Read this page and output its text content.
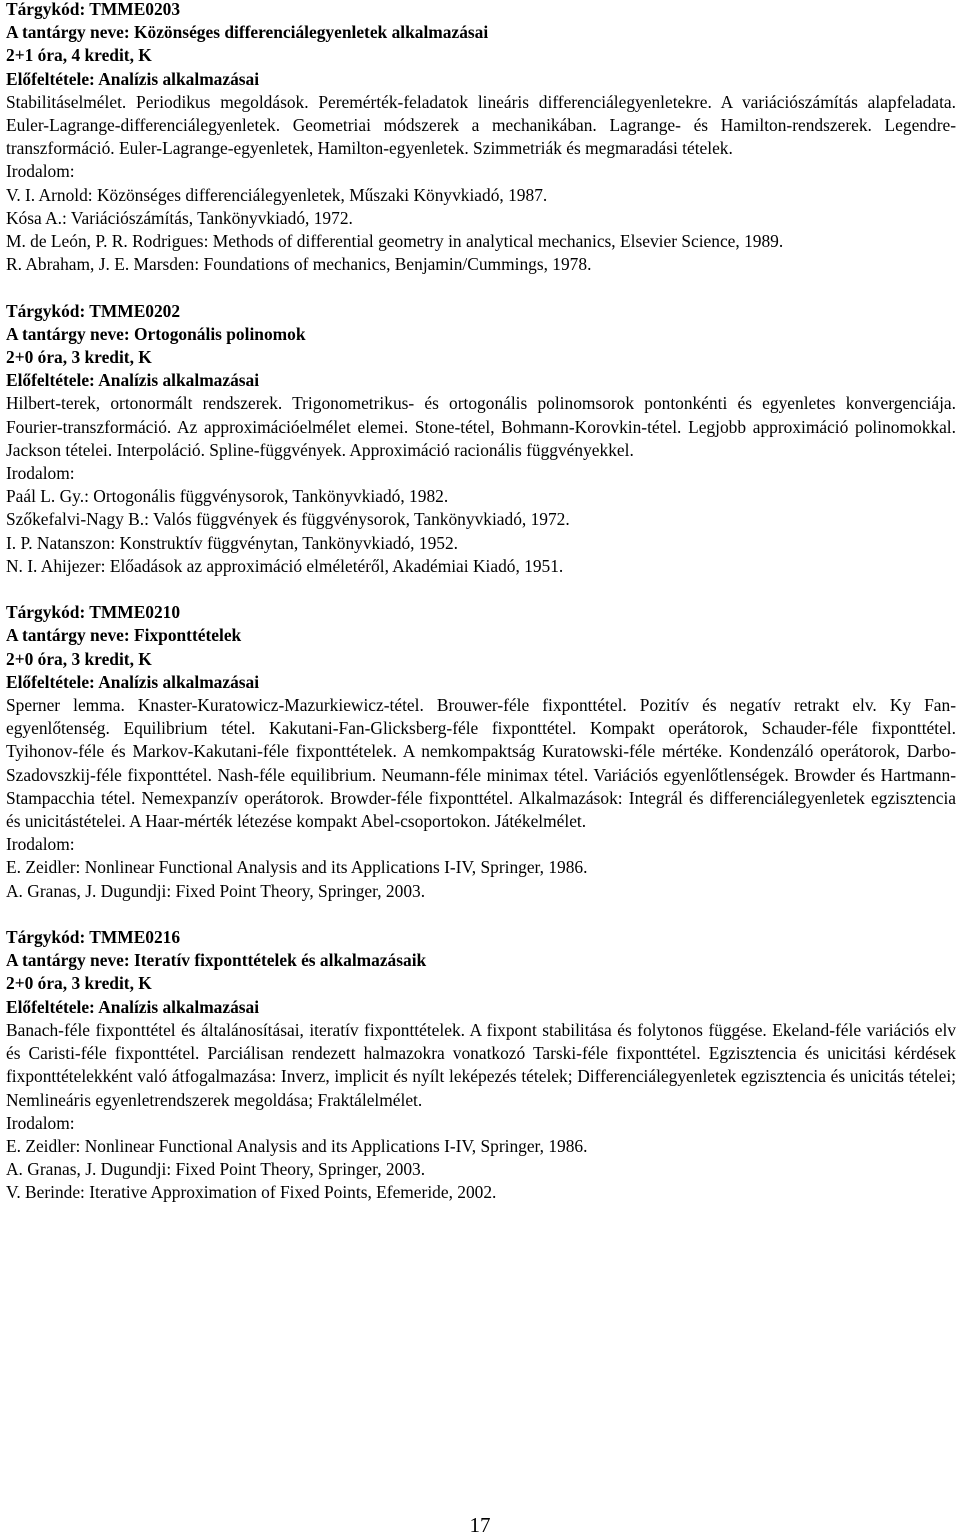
Tárgykód: TMME0203
A tantárgy neve: Közönséges differenciálegyenletek alkalmazásai
2+1 óra, 4 kredit, K
Előfeltétele: Analízis alkalmazásai
Stabilitáselmélet. Periodikus megoldások. Peremérték-feladatok lineáris differenciálegyenletekre. A variációszámítás alapfeladata. Euler-Lagrange-differenciálegyenletek. Geometriai módszerek a mechanikában. Lagrange- és Hamilton-rendszerek. Legendre-transzformáció. Euler-Lagrange-egyenletek, Hamilton-egyenletek. Szimmetriák és megmaradási tételek.
Irodalom:
V. I. Arnold: Közönséges differenciálegyenletek, Műszaki Könyvkiadó, 1987.
Kósa A.: Variációszámítás, Tankönyvkiadó, 1972.
M. de León, P. R. Rodrigues: Methods of differential geometry in analytical mechanics, Elsevier Science, 1989.
R. Abraham, J. E. Marsden: Foundations of mechanics, Benjamin/Cummings, 1978.
Tárgykód: TMME0202
A tantárgy neve: Ortogonális polinomok
2+0 óra, 3 kredit, K
Előfeltétele: Analízis alkalmazásai
Hilbert-terek, ortonormált rendszerek. Trigonometrikus- és ortogonális polinomsorok pontonkénti és egyenletes konvergenciája. Fourier-transzformáció. Az approximációelmélet elemei. Stone-tétel, Bohmann-Korovkin-tétel. Legjobb approximáció polinomokkal. Jackson tételei. Interpoláció. Spline-függvények. Approximáció racionális függvényekkel.
Irodalom:
Paál L. Gy.: Ortogonális függvénysorok, Tankönyvkiadó, 1982.
Szőkefalvi-Nagy B.: Valós függvények és függvénysorok, Tankönyvkiadó, 1972.
I. P. Natanszon: Konstruktív függvénytan, Tankönyvkiadó, 1952.
N. I. Ahijezer: Előadások az approximáció elméletéről, Akadémiai Kiadó, 1951.
Tárgykód: TMME0210
A tantárgy neve: Fixponttételek
2+0 óra, 3 kredit, K
Előfeltétele: Analízis alkalmazásai
Sperner lemma. Knaster-Kuratowicz-Mazurkiewicz-tétel. Brouwer-féle fixponttétel. Pozitív és negatív retrakt elv. Ky Fan-egyenlőtenség. Equilibrium tétel. Kakutani-Fan-Glicksberg-féle fixponttétel. Kompakt operátorok, Schauder-féle fixponttétel. Tyihonov-féle és Markov-Kakutani-féle fixponttételek. A nemkompaktság Kuratowski-féle mértéke. Kondenzáló operátorok, Darbo-Szadovszkij-féle fixponttétel. Nash-féle equilibrium. Neumann-féle minimax tétel. Variációs egyenlőtlenségek. Browder és Hartmann-Stampacchia tétel. Nemexpanzív operátorok. Browder-féle fixponttétel. Alkalmazások: Integrál és differenciálegyenletek egzisztencia és unicitástételei. A Haar-mérték létezése kompakt Abel-csoportokon. Játékelmélet.
Irodalom:
E. Zeidler: Nonlinear Functional Analysis and its Applications I-IV, Springer, 1986.
A. Granas, J. Dugundji: Fixed Point Theory, Springer, 2003.
Tárgykód: TMME0216
A tantárgy neve: Iteratív fixponttételek és alkalmazásaik
2+0 óra, 3 kredit, K
Előfeltétele: Analízis alkalmazásai
Banach-féle fixponttétel és általánosításai, iteratív fixponttételek. A fixpont stabilitása és folytonos függése. Ekeland-féle variációs elv és Caristi-féle fixponttétel. Parciálisan rendezett halmazokra vonatkozó Tarski-féle fixponttétel. Egzisztencia és unicitási kérdések fixponttételekként való átfogalmazása: Inverz, implicit és nyílt leképezés tételek; Differenciálegyenletek egzisztencia és unicitás tételei; Nemlineáris egyenletrendszerek megoldása; Fraktálelmélet.
Irodalom:
E. Zeidler: Nonlinear Functional Analysis and its Applications I-IV, Springer, 1986.
A. Granas, J. Dugundji: Fixed Point Theory, Springer, 2003.
V. Berinde: Iterative Approximation of Fixed Points, Efemeride, 2002.
17
